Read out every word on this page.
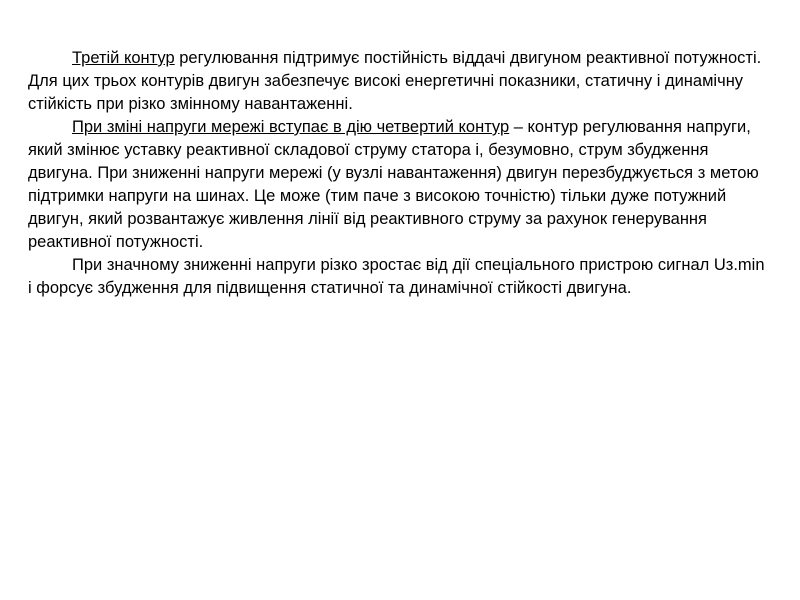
Третій контур регулювання підтримує постійність віддачі двигуном реактивної потужності. Для цих трьох контурів двигун забезпечує високі енергетичні показники, статичну і динамічну стійкість при різко змінному навантаженні.

При зміні напруги мережі вступає в дію четвертий контур – контур регулювання напруги, який змінює уставку реактивної складової струму статора і, безумовно, струм збудження двигуна. При зниженні напруги мережі (у вузлі навантаження) двигун перезбуджується з метою підтримки напруги на шинах. Це може (тим паче з високою точністю) тільки дуже потужний двигун, який розвантажує живлення лінії від реактивного струму за рахунок генерування реактивної потужності.

При значному зниженні напруги різко зростає від дії спеціального пристрою сигнал Uз.min і форсує збудження для підвищення статичної та динамічної стійкості двигуна.
